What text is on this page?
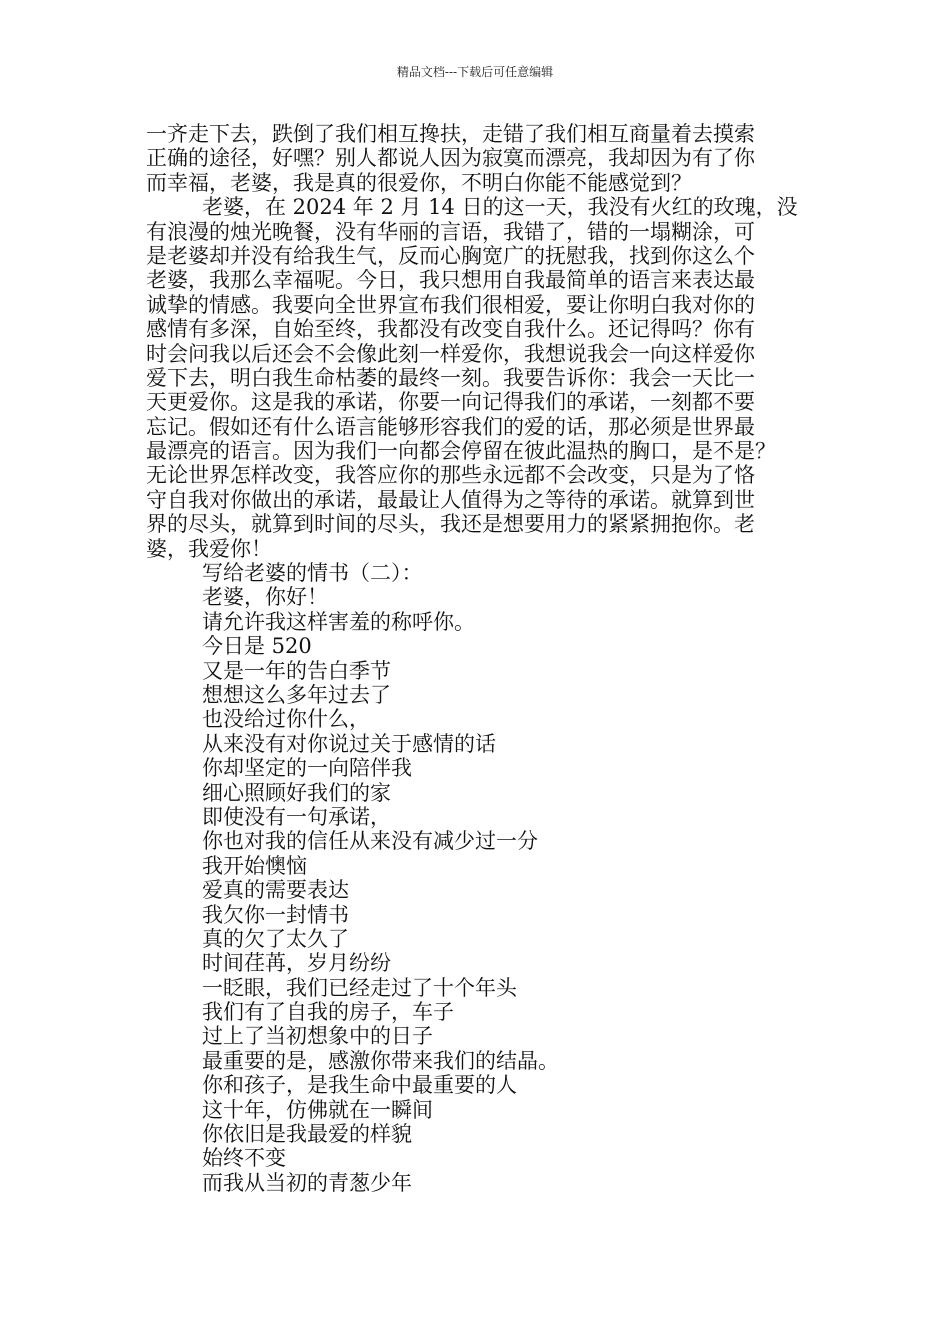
精品文档---下载后可任意编辑
一齐走下去，跌倒了我们相互搀扶，走错了我们相互商量着去摸索
正确的途径，好嘿？别人都说人因为寂寞而漂亮，我却因为有了你
而幸福，老婆，我是真的很爱你，不明白你能不能感觉到？
老婆，在 2024 年 2 月 14 日的这一天，我没有火红的玫瑰，没
有浪漫的烛光晚餐，没有华丽的言语，我错了，错的一塌糊涂，可
是老婆却并没有给我生气，反而心胸宽广的抚慰我，找到你这么个
老婆，我那么幸福呢。今日，我只想用自我最简单的语言来表达最
诚挚的情感。我要向全世界宣布我们很相爱，要让你明白我对你的
感情有多深，自始至终，我都没有改变自我什么。还记得吗？你有
时会问我以后还会不会像此刻一样爱你，我想说我会一向这样爱你
爱下去，明白我生命枯萎的最终一刻。我要告诉你：我会一天比一
天更爱你。这是我的承诺，你要一向记得我们的承诺，一刻都不要
忘记。假如还有什么语言能够形容我们的爱的话，那必须是世界最
最漂亮的语言。因为我们一向都会停留在彼此温热的胸口，是不是？
无论世界怎样改变，我答应你的那些永远都不会改变，只是为了恪
守自我对你做出的承诺，最最让人值得为之等待的承诺。就算到世
界的尽头，就算到时间的尽头，我还是想要用力的紧紧拥抱你。老
婆，我爱你！
写给老婆的情书（二）：
老婆，你好！
请允许我这样害羞的称呼你。
今日是 520
又是一年的告白季节
想想这么多年过去了
也没给过你什么，
从来没有对你说过关于感情的话
你却坚定的一向陪伴我
细心照顾好我们的家
即使没有一句承诺，
你也对我的信任从来没有减少过一分
我开始懊恼
爱真的需要表达
我欠你一封情书
真的欠了太久了
时间荏苒，岁月纷纷
一眨眼，我们已经走过了十个年头
我们有了自我的房子，车子
过上了当初想象中的日子
最重要的是，感激你带来我们的结晶。
你和孩子，是我生命中最重要的人
这十年，仿佛就在一瞬间
你依旧是我最爱的样貌
始终不变
而我从当初的青葱少年
